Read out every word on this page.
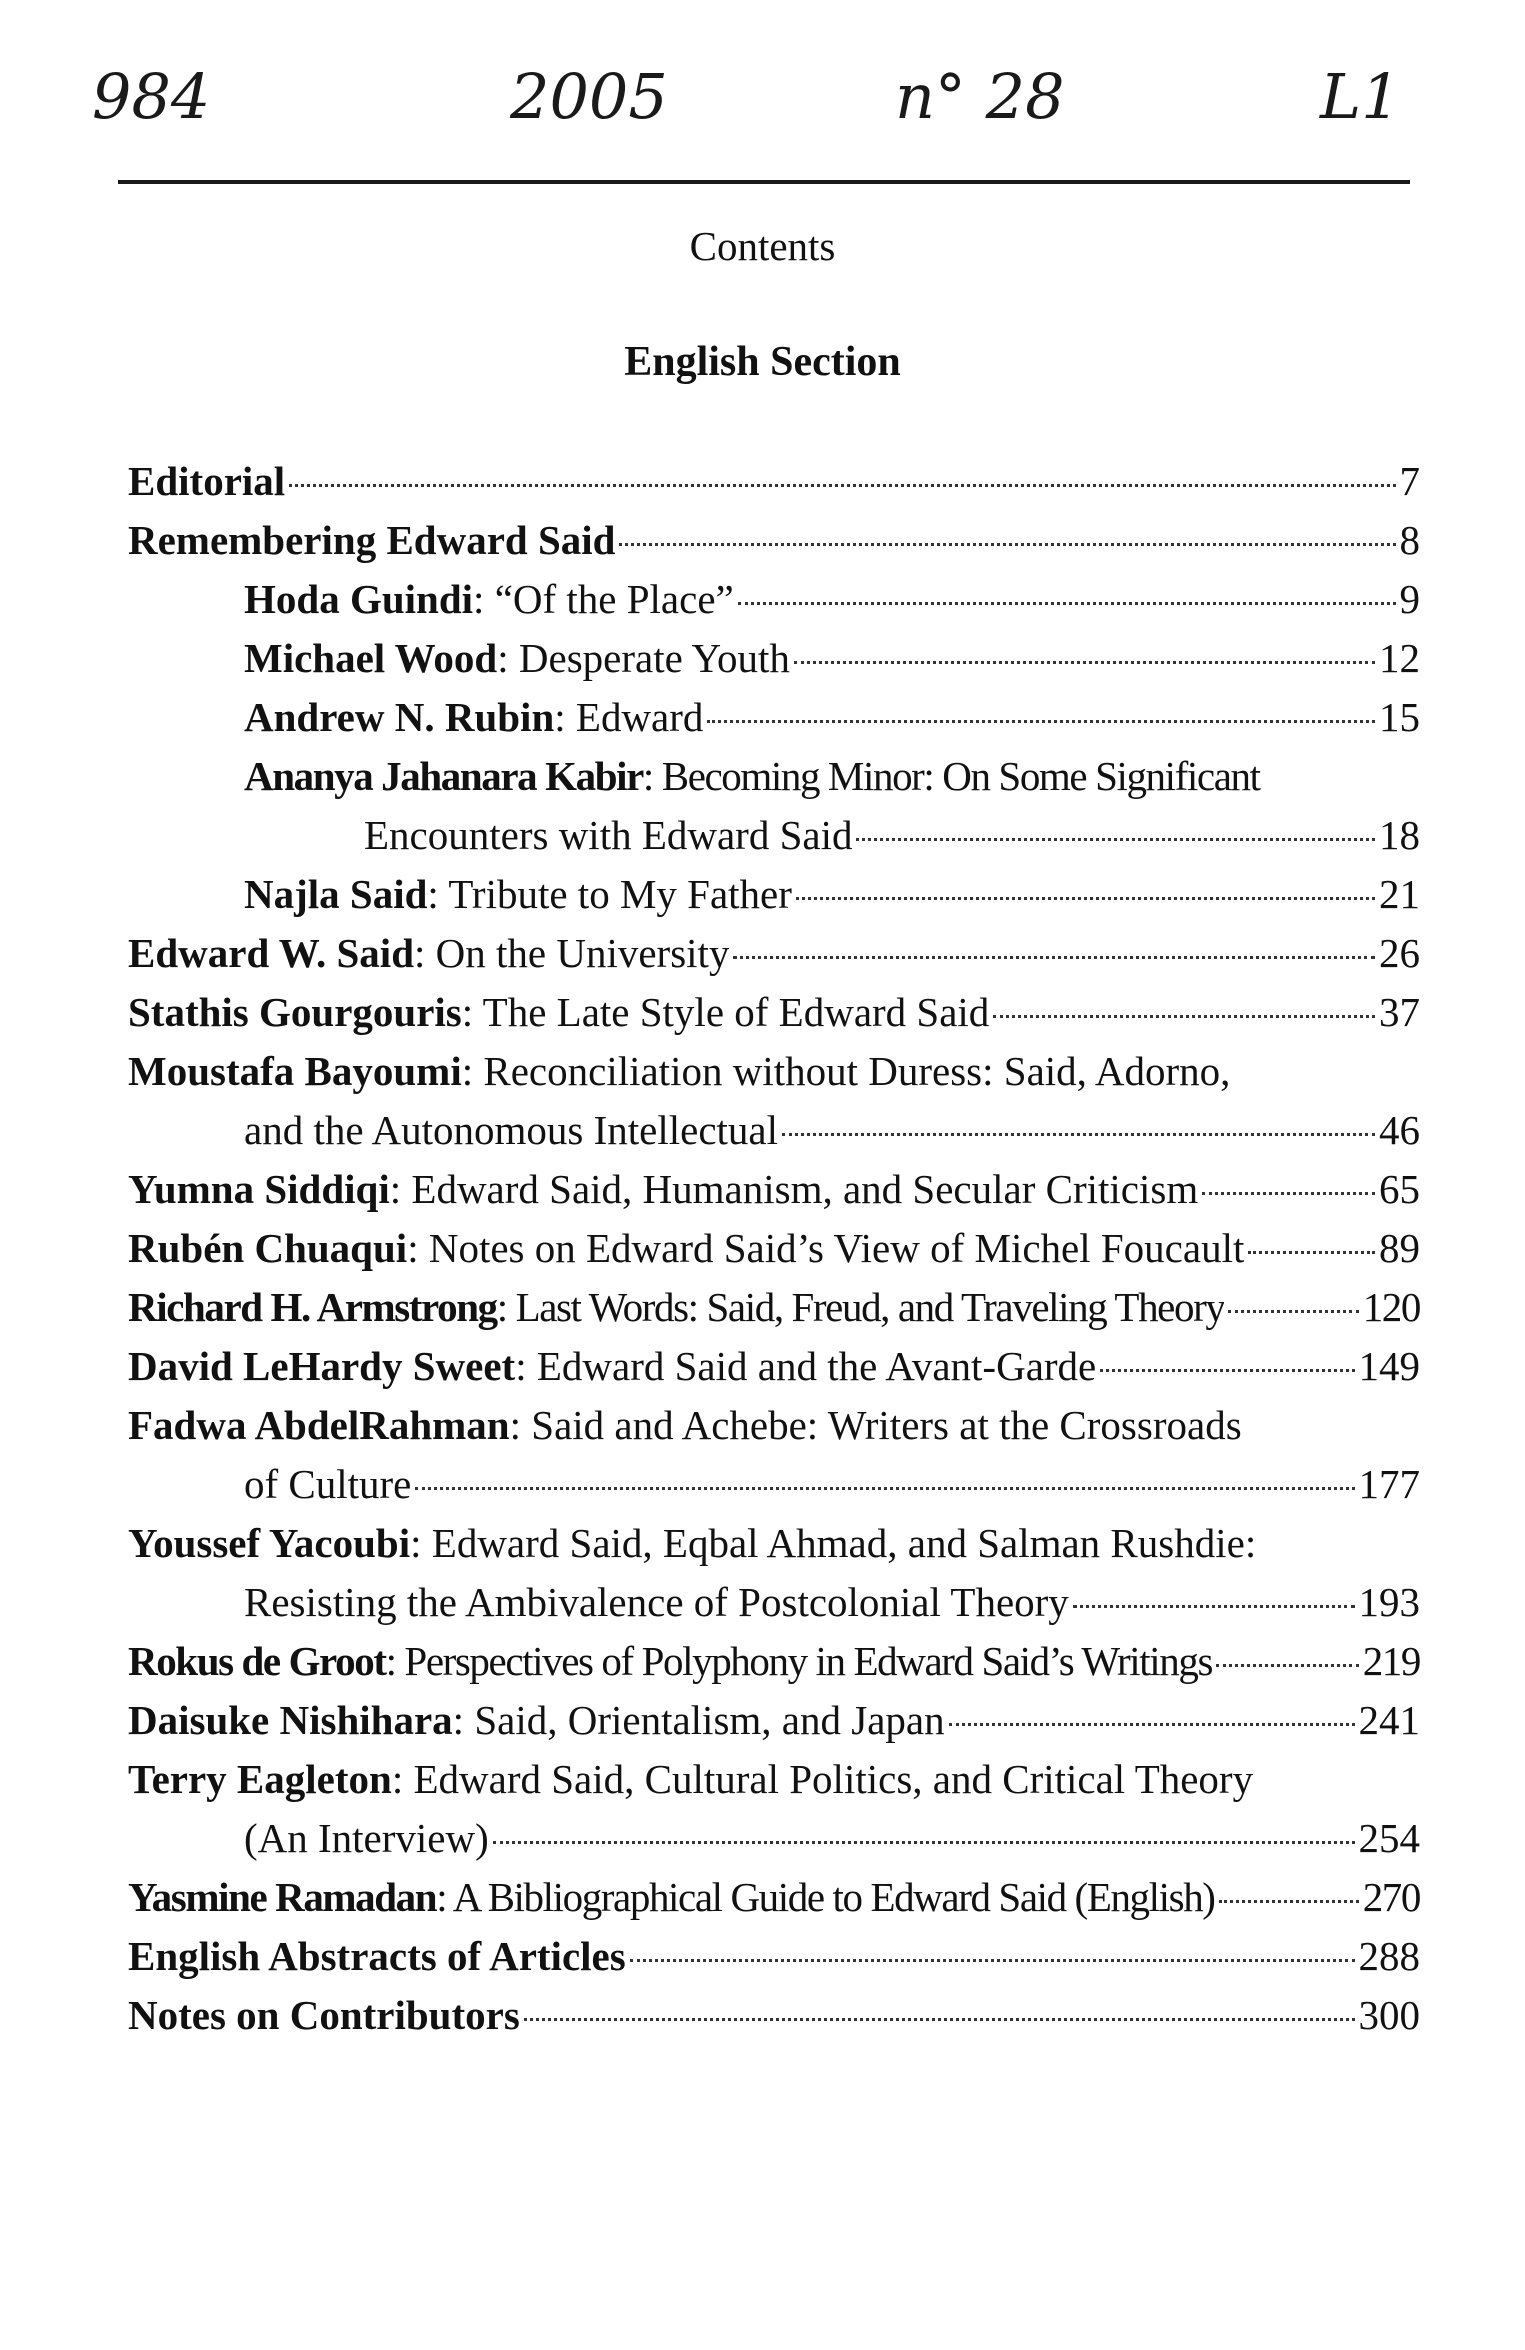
984	2005	n° 28	L1
Contents
English Section
Editorial	7
Remembering Edward Said	8
Hoda Guindi: “Of the Place”	9
Michael Wood: Desperate Youth	12
Andrew N. Rubin: Edward	15
Ananya Jahanara Kabir: Becoming Minor: On Some Significant
Encounters with Edward Said	18
Najla Said: Tribute to My Father	21
Edward W. Said: On the University	26
Stathis Gourgouris: The Late Style of Edward Said	37
Moustafa Bayoumi: Reconciliation without Duress: Said, Adorno,
and the Autonomous Intellectual	46
Yumna Siddiqi: Edward Said, Humanism, and Secular Criticism	65
Rubén Chuaqui: Notes on Edward Said’s View of Michel Foucault	89
Richard H. Armstrong: Last Words: Said, Freud, and Traveling Theory	120
David LeHardy Sweet: Edward Said and the Avant-Garde	149
Fadwa AbdelRahman: Said and Achebe: Writers at the Crossroads
of Culture	177
Youssef Yacoubi: Edward Said, Eqbal Ahmad, and Salman Rushdie:
Resisting the Ambivalence of Postcolonial Theory	193
Rokus de Groot: Perspectives of Polyphony in Edward Said’s Writings	219
Daisuke Nishihara: Said, Orientalism, and Japan	241
Terry Eagleton: Edward Said, Cultural Politics, and Critical Theory
(An Interview)	254
Yasmine Ramadan: A Bibliographical Guide to Edward Said (English)	270
English Abstracts of Articles	288
Notes on Contributors	300
